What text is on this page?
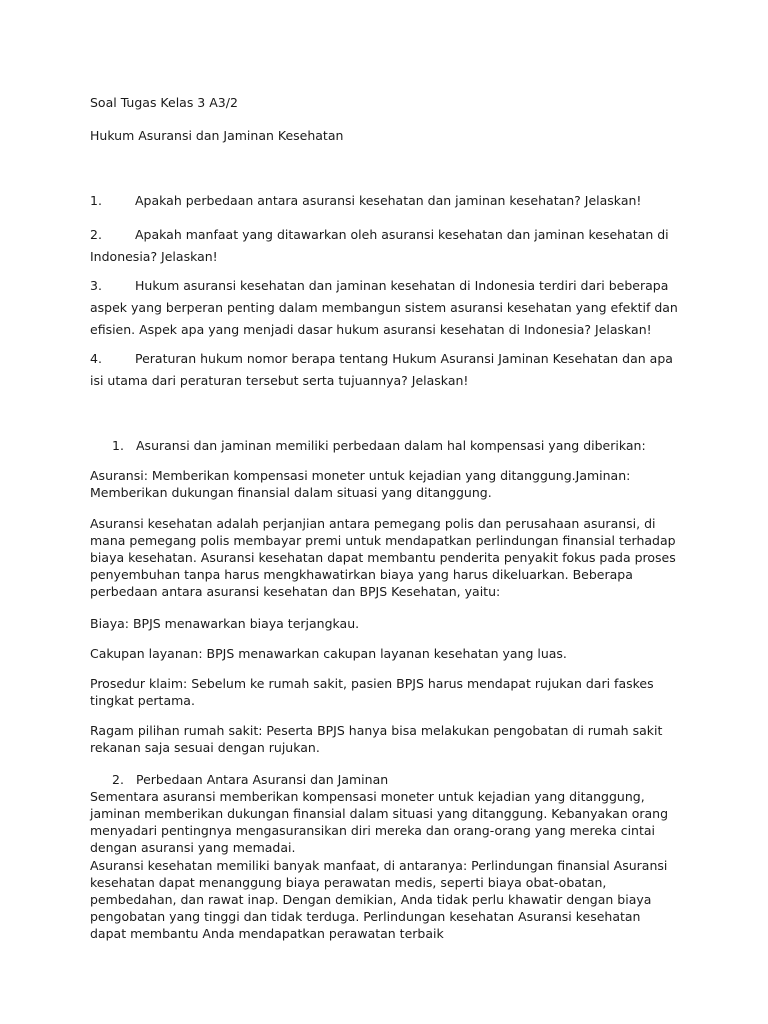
Soal Tugas Kelas 3 A3/2

Hukum Asuransi dan Jaminan Kesehatan

1.	Apakah perbedaan antara asuransi kesehatan dan jaminan kesehatan? Jelaskan!

2.	Apakah manfaat yang ditawarkan oleh asuransi kesehatan dan jaminan kesehatan di Indonesia? Jelaskan!

3.	Hukum asuransi kesehatan dan jaminan kesehatan di Indonesia terdiri dari beberapa aspek yang berperan penting dalam membangun sistem asuransi kesehatan yang efektif dan efisien. Aspek apa yang menjadi dasar hukum asuransi kesehatan di Indonesia? Jelaskan!

4.	Peraturan hukum nomor berapa tentang Hukum Asuransi Jaminan Kesehatan dan apa isi utama dari peraturan tersebut serta tujuannya? Jelaskan!

1. Asuransi dan jaminan memiliki perbedaan dalam hal kompensasi yang diberikan:

Asuransi: Memberikan kompensasi moneter untuk kejadian yang ditanggung.Jaminan: Memberikan dukungan finansial dalam situasi yang ditanggung.

Asuransi kesehatan adalah perjanjian antara pemegang polis dan perusahaan asuransi, di mana pemegang polis membayar premi untuk mendapatkan perlindungan finansial terhadap biaya kesehatan. Asuransi kesehatan dapat membantu penderita penyakit fokus pada proses penyembuhan tanpa harus mengkhawatirkan biaya yang harus dikeluarkan. Beberapa perbedaan antara asuransi kesehatan dan BPJS Kesehatan, yaitu:

Biaya: BPJS menawarkan biaya terjangkau.

Cakupan layanan: BPJS menawarkan cakupan layanan kesehatan yang luas.

Prosedur klaim: Sebelum ke rumah sakit, pasien BPJS harus mendapat rujukan dari faskes tingkat pertama.

Ragam pilihan rumah sakit: Peserta BPJS hanya bisa melakukan pengobatan di rumah sakit rekanan saja sesuai dengan rujukan.

2. Perbedaan Antara Asuransi dan Jaminan

Sementara asuransi memberikan kompensasi moneter untuk kejadian yang ditanggung, jaminan memberikan dukungan finansial dalam situasi yang ditanggung. Kebanyakan orang menyadari pentingnya mengasuransikan diri mereka dan orang-orang yang mereka cintai dengan asuransi yang memadai.

Asuransi kesehatan memiliki banyak manfaat, di antaranya: Perlindungan finansial Asuransi kesehatan dapat menanggung biaya perawatan medis, seperti biaya obat-obatan, pembedahan, dan rawat inap. Dengan demikian, Anda tidak perlu khawatir dengan biaya pengobatan yang tinggi dan tidak terduga. Perlindungan kesehatan Asuransi kesehatan dapat membantu Anda mendapatkan perawatan terbaik
